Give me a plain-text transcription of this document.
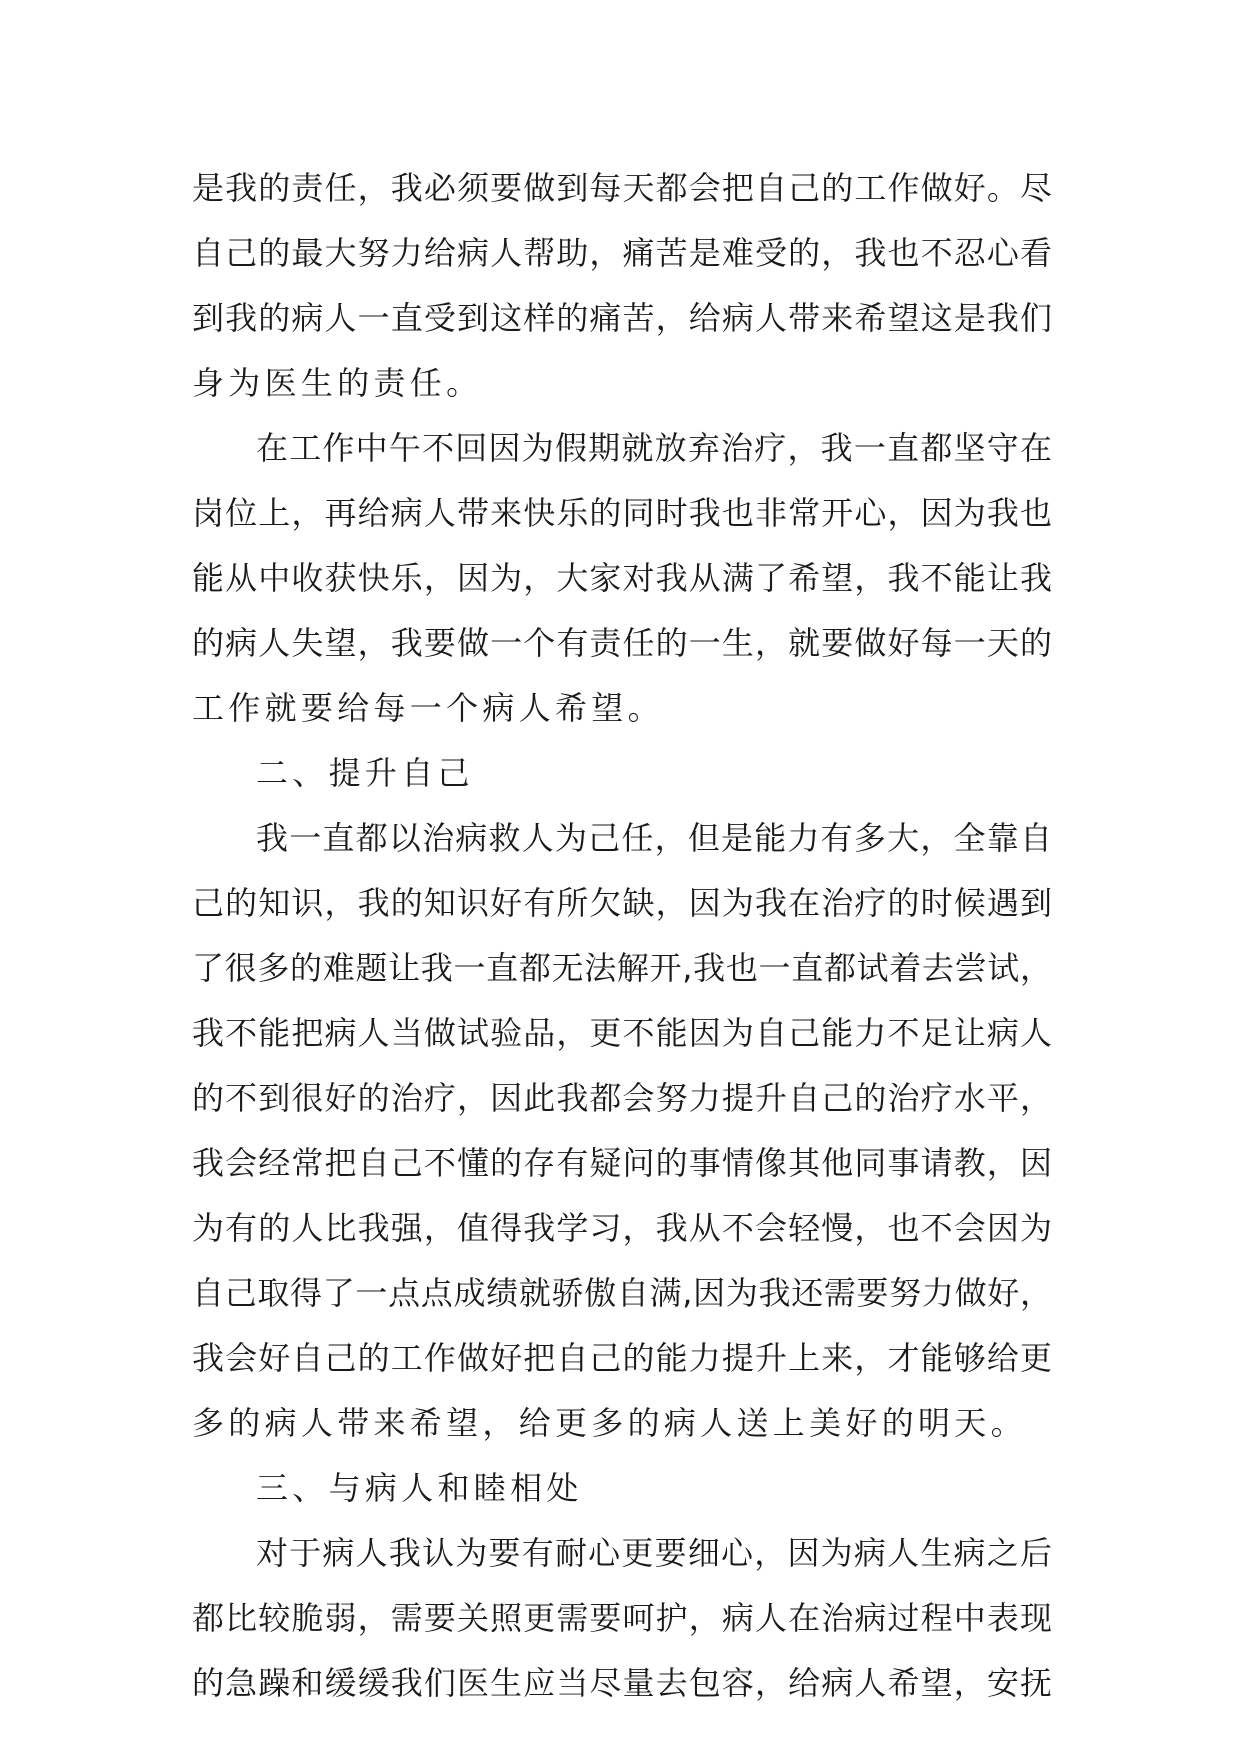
是我的责任，我必须要做到每天都会把自己的工作做好。尽
自己的最大努力给病人帮助，痛苦是难受的，我也不忍心看
到我的病人一直受到这样的痛苦，给病人带来希望这是我们
身为医生的责任。
在工作中午不回因为假期就放弃治疗，我一直都坚守在
岗位上，再给病人带来快乐的同时我也非常开心，因为我也
能从中收获快乐，因为，大家对我从满了希望，我不能让我
的病人失望，我要做一个有责任的一生，就要做好每一天的
工作就要给每一个病人希望。
二、提升自己
我一直都以治病救人为己任，但是能力有多大，全靠自
己的知识，我的知识好有所欠缺，因为我在治疗的时候遇到
了很多的难题让我一直都无法解开,我也一直都试着去尝试，
我不能把病人当做试验品，更不能因为自己能力不足让病人
的不到很好的治疗，因此我都会努力提升自己的治疗水平，
我会经常把自己不懂的存有疑问的事情像其他同事请教，因
为有的人比我强，值得我学习，我从不会轻慢，也不会因为
自己取得了一点点成绩就骄傲自满,因为我还需要努力做好，
我会好自己的工作做好把自己的能力提升上来，才能够给更
多的病人带来希望，给更多的病人送上美好的明天。
三、与病人和睦相处
对于病人我认为要有耐心更要细心，因为病人生病之后
都比较脆弱，需要关照更需要呵护，病人在治病过程中表现
的急躁和缓缓我们医生应当尽量去包容，给病人希望，安抚
